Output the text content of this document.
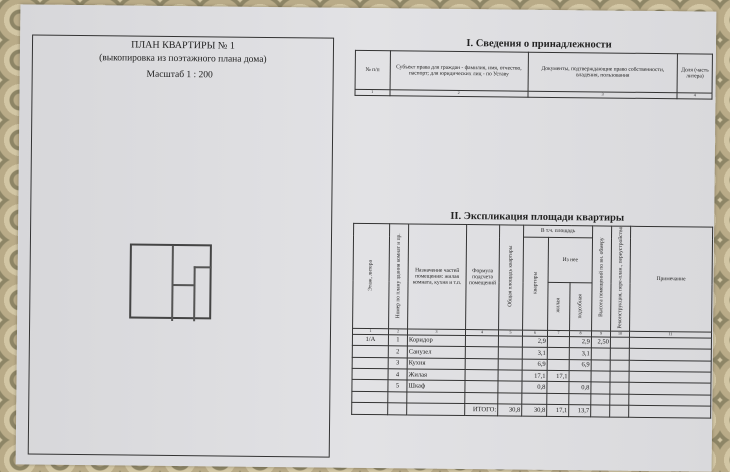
ПЛАН КВАРТИРЫ № 1
(выкопировка из поэтажного плана дома)
Масштаб 1 : 200
I. Сведения о принадлежности
№ п/п	Субъект права для граждан - фамилия, имя, отчество, паспорт; для юридических лиц - по Уставу	Документы, подтверждающие право собственности, владения, пользования	Доля (часть литера)
1	2	3	4
II. Экспликация площади квартиры
Этаж, литера	Номер по плану здания комнат и пр.	Назначение частей помещения: жилая комната, кухня и т.п.	Формула подсчета помещений	Общая площадь квартиры	В т.ч. площадь			Высота помещений по вн. обмеру	Реконструкция, пере-план., переустройство	Примечание
					квартиры	Из нее				
						жилая	подсобная			
1	2	3	4	5	6	7	8	9	10	11
1/А	1	Коридор			2,9		2,9	2,50		
	2	Санузел			3,1		3,1			
	3	Кухня			6,9		6,9			
	4	Жилая			17,1	17,1				
	5	Шкаф			0,8		0,8			

			ИТОГО:	30,8	30,8	17,1	13,7			
